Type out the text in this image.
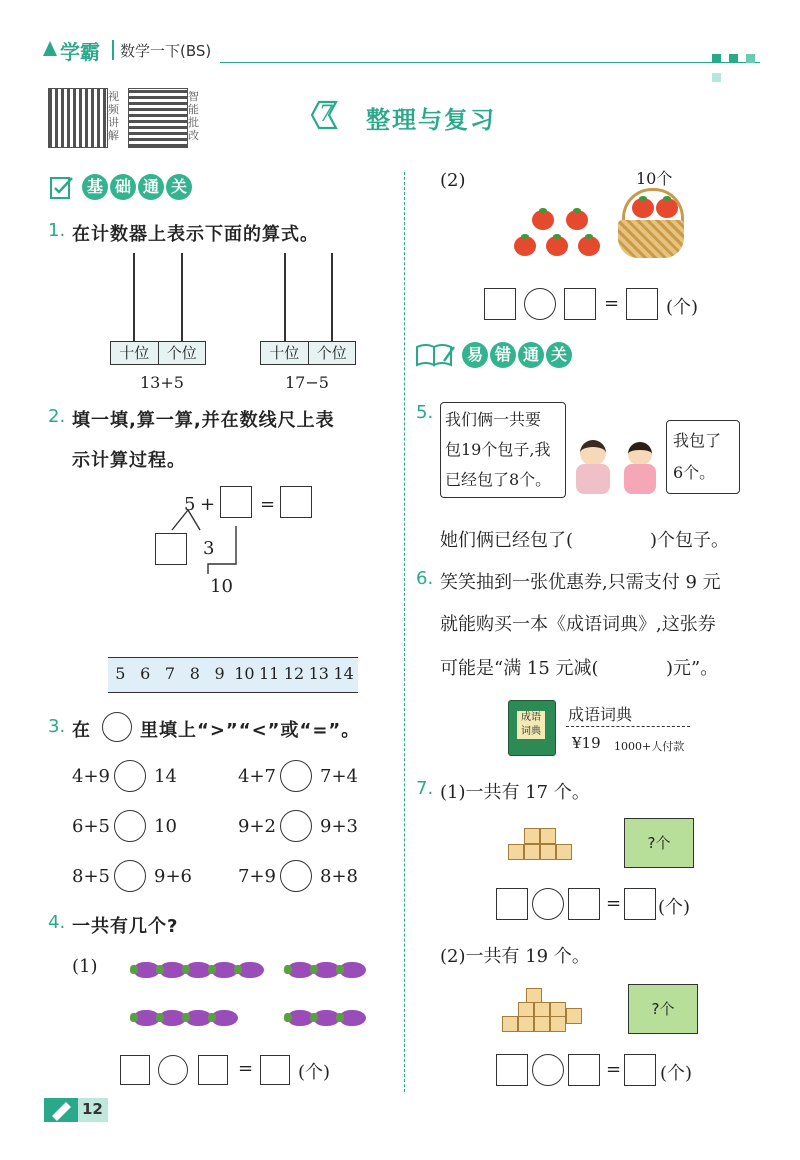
学霸 数学一下(BS)

视频讲解
智能批改
7 整理与复习
基 础 通 关
1. 在计数器上表示下面的算式。
十位	个位
13+5
十位	个位
17−5
2. 填一填,算一算,并在数线尺上表
示计算过程。
5 + =
3
10
5 6 7 8 9 10 11 12 13 14
3. 在	里填上“>”“<”或“=”。
4+9 14	4+7 7+4
6+5 10	9+2 9+3
8+5 9+6	7+9 8+8
4. 一共有几个?
(1)
= (个)
(2)	10个
=	(个)
易 错 通 关
5. 我们俩一共要
包19个包子,我
已经包了8个。
我包了
6个。
她们俩已经包了(	)个包子。
6. 笑笑抽到一张优惠券,只需支付 9 元
就能购买一本《成语词典》,这张券
可能是“满 15 元减(	)元”。
成语词典
成语词典
¥19 1000+人付款
7. (1)一共有 17 个。
?个
= (个)
(2)一共有 19 个。
?个
= (个)
12
